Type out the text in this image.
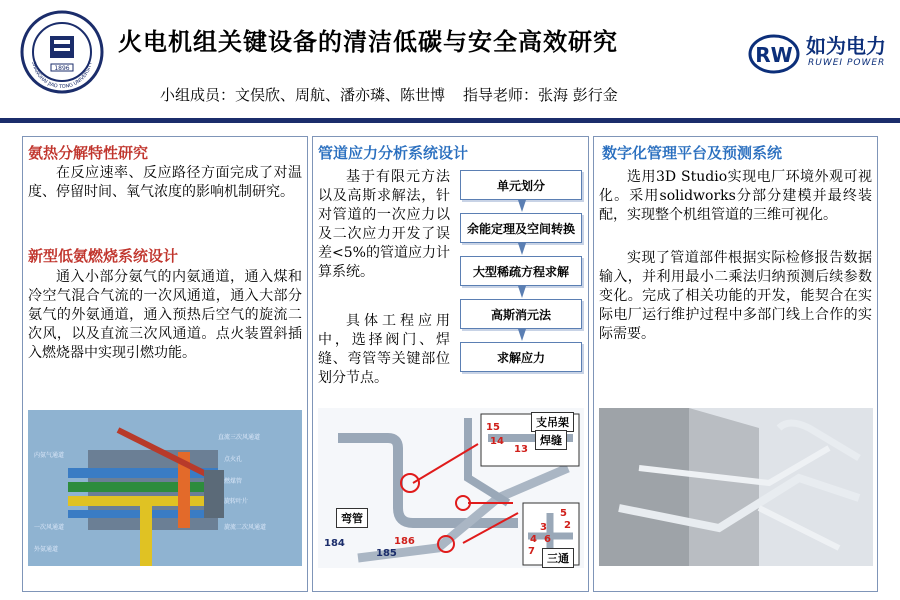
1896
SHANGHAI JIAO TONG UNIVERSITY
火电机组关键设备的清洁低碳与安全高效研究
小组成员：文俣欣、周航、潘亦璘、陈世博 指导老师：张海 彭行金
RW 如为电力
RUWEI POWER
氨热分解特性研究
在反应速率、反应路径方面完成了对温度、停留时间、氧气浓度的影响机制研究。
新型低氨燃烧系统设计
通入小部分氨气的内氨通道，通入煤和冷空气混合气流的一次风通道，通入大部分氨气的外氨通道，通入预热后空气的旋流二次风，以及直流三次风通道。点火装置斜插入燃烧器中实现引燃功能。
直流三次风通道
内氨气通道
点火孔
燃煤管
一次风通道
旋转叶片
外氨通道
旋流二次风通道
管道应力分析系统设计
基于有限元方法以及高斯求解法，针对管道的一次应力以及二次应力开发了误差<5%的管道应力计算系统。
具体工程应用中，选择阀门、焊缝、弯管等关键部位划分节点。
单元划分
余能定理及空间转换
大型稀疏方程求解
高斯消元法
求解应力
支吊架
焊缝
弯管
三通
15
14
13
5
2
3
4 6
7
186
184
185
数字化管理平台及预测系统
选用3D Studio实现电厂环境外观可视化。采用solidworks分部分建模并最终装配，实现整个机组管道的三维可视化。
实现了管道部件根据实际检修报告数据输入，并利用最小二乘法归纳预测后续参数变化。完成了相关功能的开发，能契合在实际电厂运行维护过程中多部门线上合作的实际需要。
